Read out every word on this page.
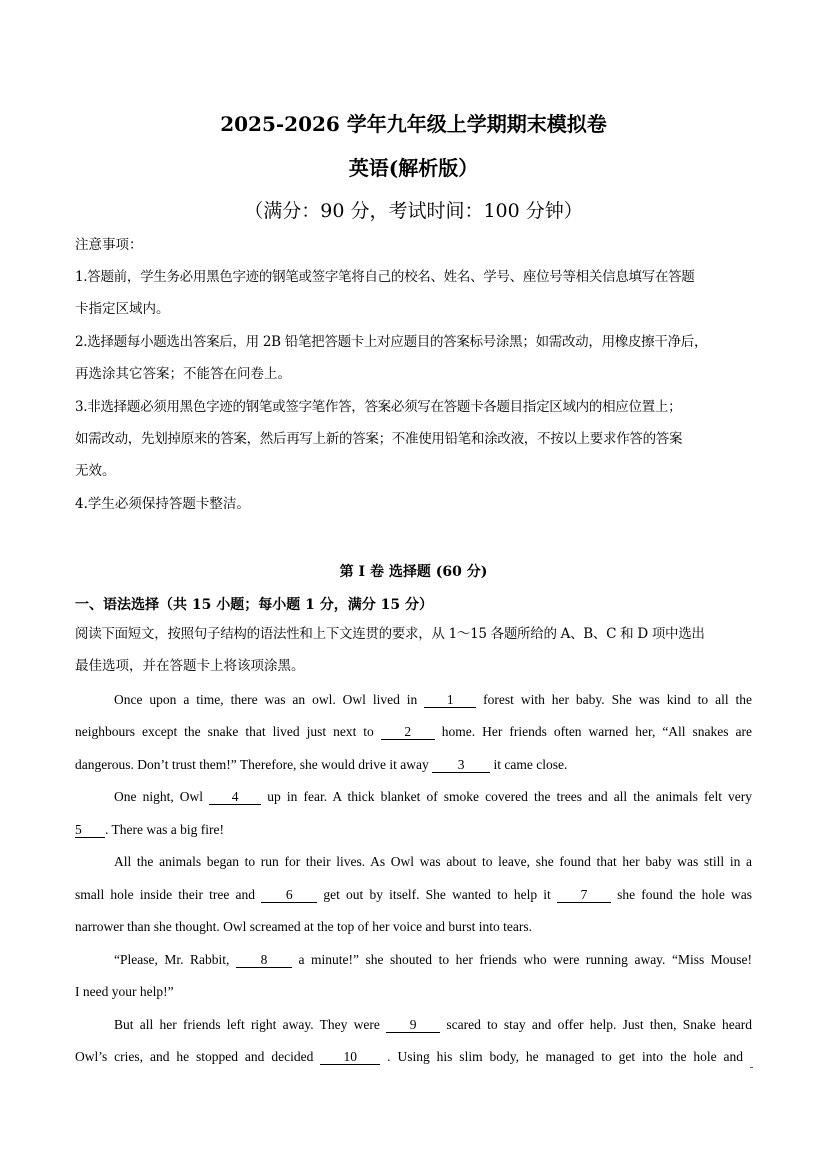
2025-2026 学年九年级上学期期末模拟卷
英语(解析版）
（满分：90 分，考试时间：100 分钟）
注意事项：
1.答题前，学生务必用黑色字迹的钢笔或签字笔将自己的校名、姓名、学号、座位号等相关信息填写在答题
卡指定区域内。
2.选择题每小题选出答案后，用 2B 铅笔把答题卡上对应题目的答案标号涂黑；如需改动，用橡皮擦干净后，
再选涂其它答案；不能答在问卷上。
3.非选择题必须用黑色字迹的钢笔或签字笔作答，答案必须写在答题卡各题目指定区域内的相应位置上；
如需改动，先划掉原来的答案，然后再写上新的答案；不准使用铅笔和涂改液，不按以上要求作答的答案
无效。
4.学生必须保持答题卡整洁。
第 I 卷 选择题 (60 分)
一、语法选择（共 15 小题；每小题 1 分，满分 15 分）
阅读下面短文，按照句子结构的语法性和上下文连贯的要求，从 1～15 各题所给的 A、B、C 和 D 项中选出
最佳选项，并在答题卡上将该项涂黑。
Once upon a time, there was an owl. Owl lived in 1 forest with her baby. She was kind to all the
neighbours except the snake that lived just next to 2 home. Her friends often warned her, “All snakes are
dangerous. Don’t trust them!” Therefore, she would drive it away 3 it came close.
One night, Owl 4 up in fear. A thick blanket of smoke covered the trees and all the animals felt very
5 . There was a big fire!
All the animals began to run for their lives. As Owl was about to leave, she found that her baby was still in a
small hole inside their tree and 6 get out by itself. She wanted to help it 7 she found the hole was
narrower than she thought. Owl screamed at the top of her voice and burst into tears.
“Please, Mr. Rabbit, 8 a minute!” she shouted to her friends who were running away. “Miss Mouse!
I need your help!”
But all her friends left right away. They were 9 scared to stay and offer help. Just then, Snake heard
Owl’s cries, and he stopped and decided 10 . Using his slim body, he managed to get into the hole and
